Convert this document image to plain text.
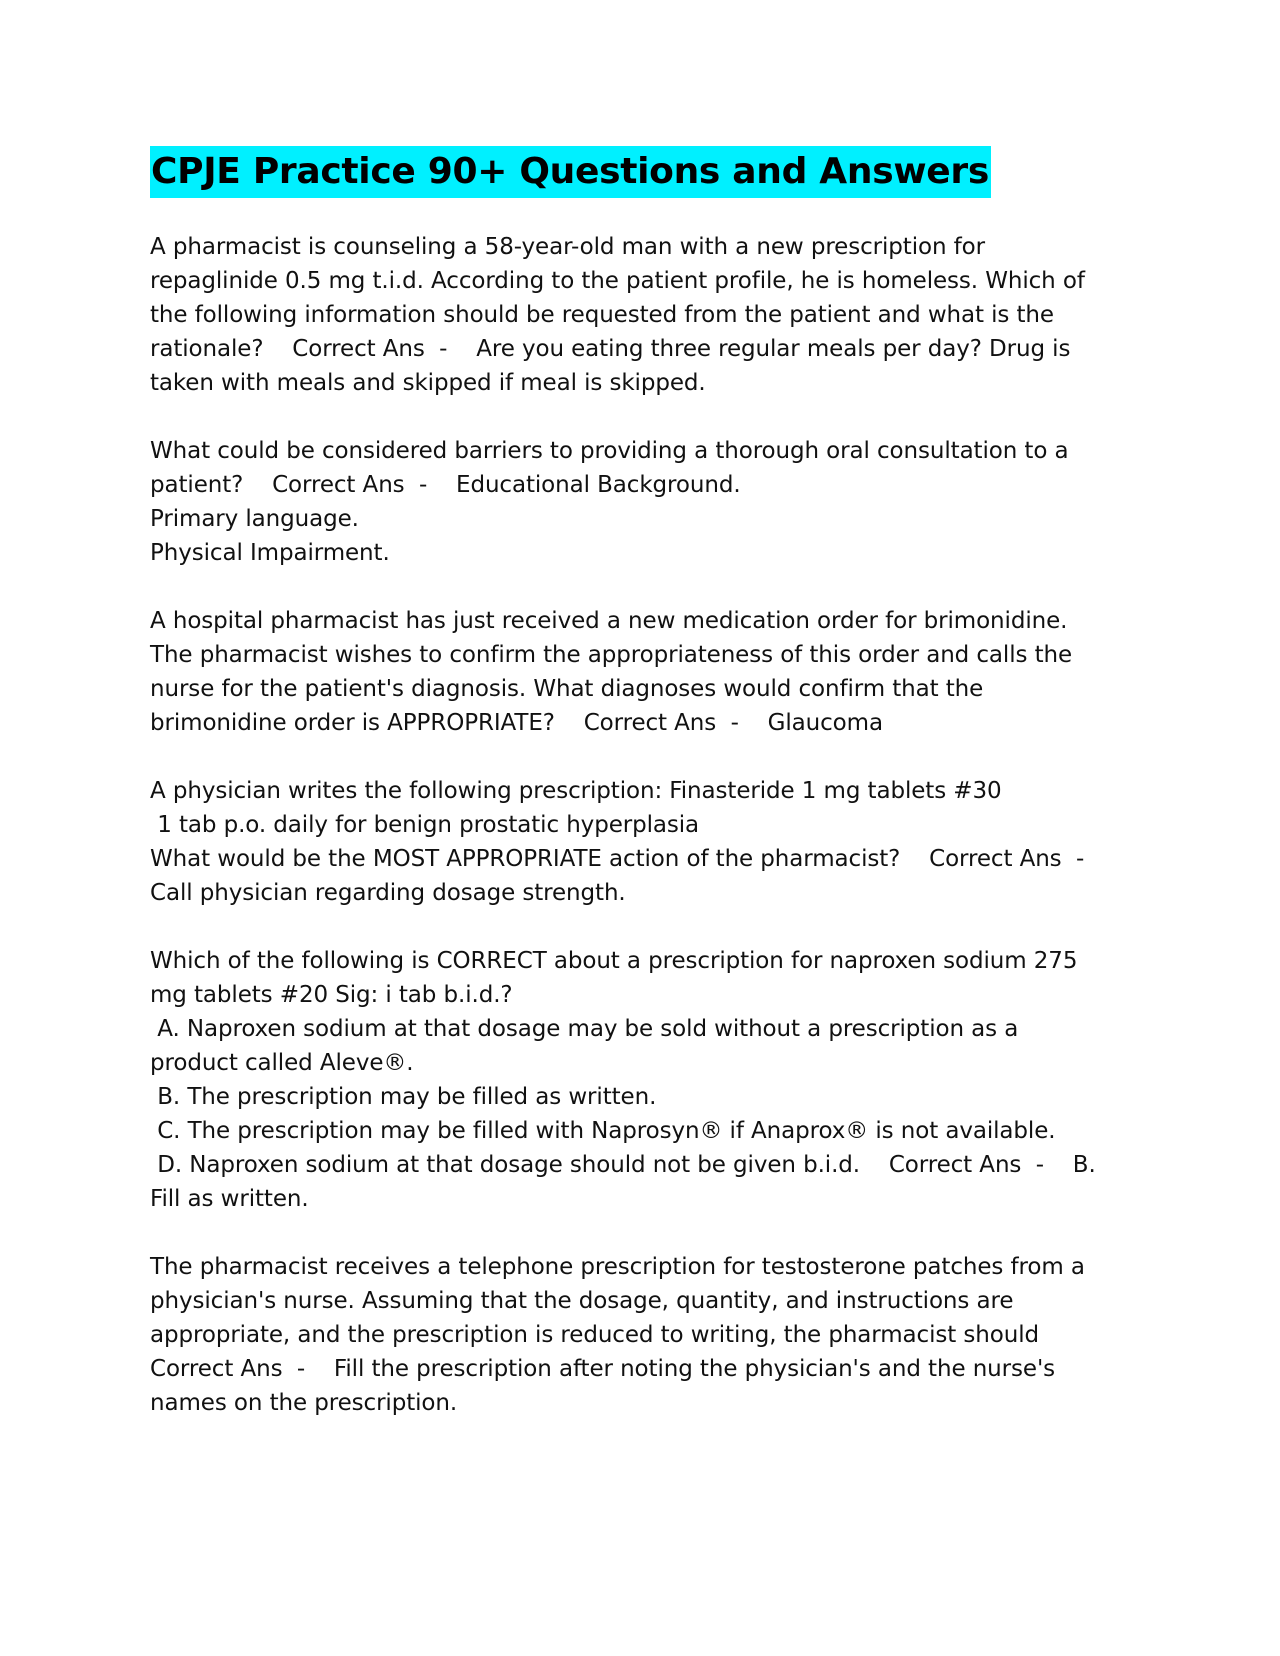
CPJE Practice 90+ Questions and Answers

A pharmacist is counseling a 58-year-old man with a new prescription for
repaglinide 0.5 mg t.i.d. According to the patient profile, he is homeless. Which of
the following information should be requested from the patient and what is the
rationale?    Correct Ans  -    Are you eating three regular meals per day? Drug is
taken with meals and skipped if meal is skipped.

What could be considered barriers to providing a thorough oral consultation to a
patient?    Correct Ans  -    Educational Background.
Primary language.
Physical Impairment.

A hospital pharmacist has just received a new medication order for brimonidine.
The pharmacist wishes to confirm the appropriateness of this order and calls the
nurse for the patient's diagnosis. What diagnoses would confirm that the
brimonidine order is APPROPRIATE?    Correct Ans  -    Glaucoma

A physician writes the following prescription: Finasteride 1 mg tablets #30
1 tab p.o. daily for benign prostatic hyperplasia
What would be the MOST APPROPRIATE action of the pharmacist?    Correct Ans  -
Call physician regarding dosage strength.

Which of the following is CORRECT about a prescription for naproxen sodium 275
mg tablets #20 Sig: i tab b.i.d.?
A. Naproxen sodium at that dosage may be sold without a prescription as a
product called Aleve®.
B. The prescription may be filled as written.
C. The prescription may be filled with Naprosyn® if Anaprox® is not available.
D. Naproxen sodium at that dosage should not be given b.i.d.    Correct Ans  -    B.
Fill as written.

The pharmacist receives a telephone prescription for testosterone patches from a
physician's nurse. Assuming that the dosage, quantity, and instructions are
appropriate, and the prescription is reduced to writing, the pharmacist should
Correct Ans  -    Fill the prescription after noting the physician's and the nurse's
names on the prescription.
